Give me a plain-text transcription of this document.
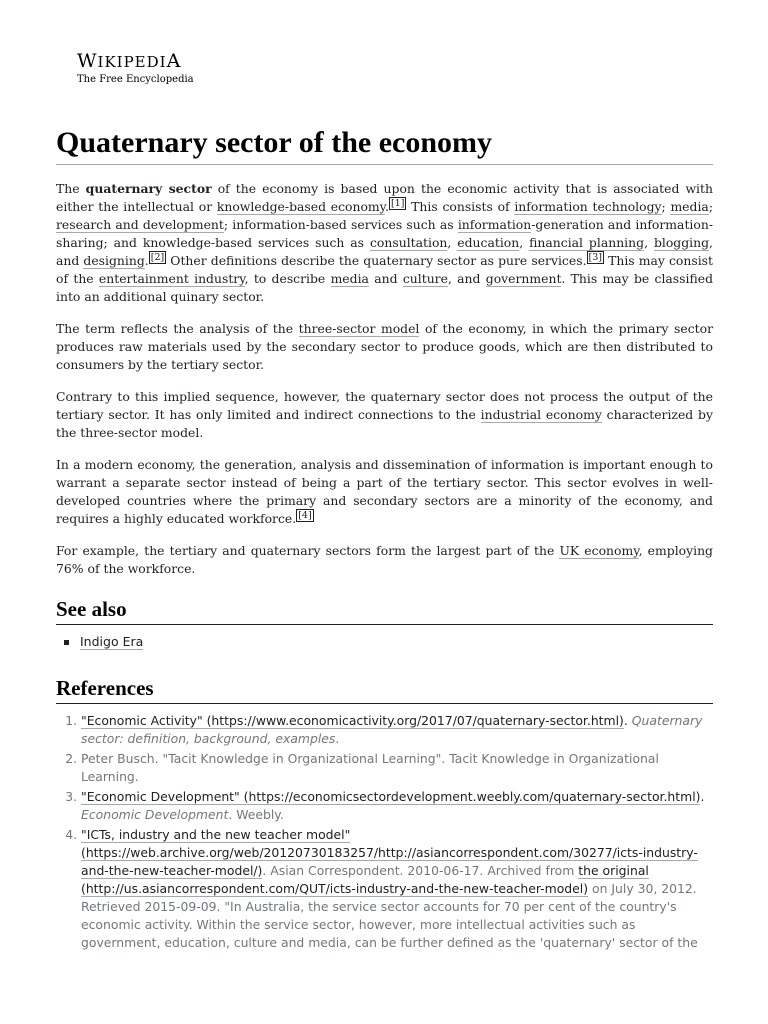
WIKIPEDIA
The Free Encyclopedia
Quaternary sector of the economy

The quaternary sector of the economy is based upon the economic activity that is associated with either the intellectual or knowledge-based economy. [1] This consists of information technology; media; research and development; information-based services such as information-generation and information-sharing; and knowledge-based services such as consultation, education, financial planning, blogging, and designing. [2] Other definitions describe the quaternary sector as pure services. [3] This may consist of the entertainment industry, to describe media and culture, and government. This may be classified into an additional quinary sector.

The term reflects the analysis of the three-sector model of the economy, in which the primary sector produces raw materials used by the secondary sector to produce goods, which are then distributed to consumers by the tertiary sector.

Contrary to this implied sequence, however, the quaternary sector does not process the output of the tertiary sector. It has only limited and indirect connections to the industrial economy characterized by the three-sector model.

In a modern economy, the generation, analysis and dissemination of information is important enough to warrant a separate sector instead of being a part of the tertiary sector. This sector evolves in well-developed countries where the primary and secondary sectors are a minority of the economy, and requires a highly educated workforce. [4]

For example, the tertiary and quaternary sectors form the largest part of the UK economy, employing 76% of the workforce.

See also
Indigo Era
References
1. "Economic Activity" (https://www.economicactivity.org/2017/07/quaternary-sector.html). Quaternary sector: definition, background, examples.
2. Peter Busch. "Tacit Knowledge in Organizational Learning". Tacit Knowledge in Organizational Learning.
3. "Economic Development" (https://economicsectordevelopment.weebly.com/quaternary-sector.html). Economic Development. Weebly.
4. "ICTs, industry and the new teacher model" (https://web.archive.org/web/20120730183257/http://asiancorrespondent.com/30277/icts-industry-and-the-new-teacher-model/). Asian Correspondent. 2010-06-17. Archived from the original (http://us.asiancorrespondent.com/QUT/icts-industry-and-the-new-teacher-model) on July 30, 2012. Retrieved 2015-09-09. "In Australia, the service sector accounts for 70 per cent of the country's economic activity. Within the service sector, however, more intellectual activities such as government, education, culture and media, can be further defined as the 'quaternary' sector of the
